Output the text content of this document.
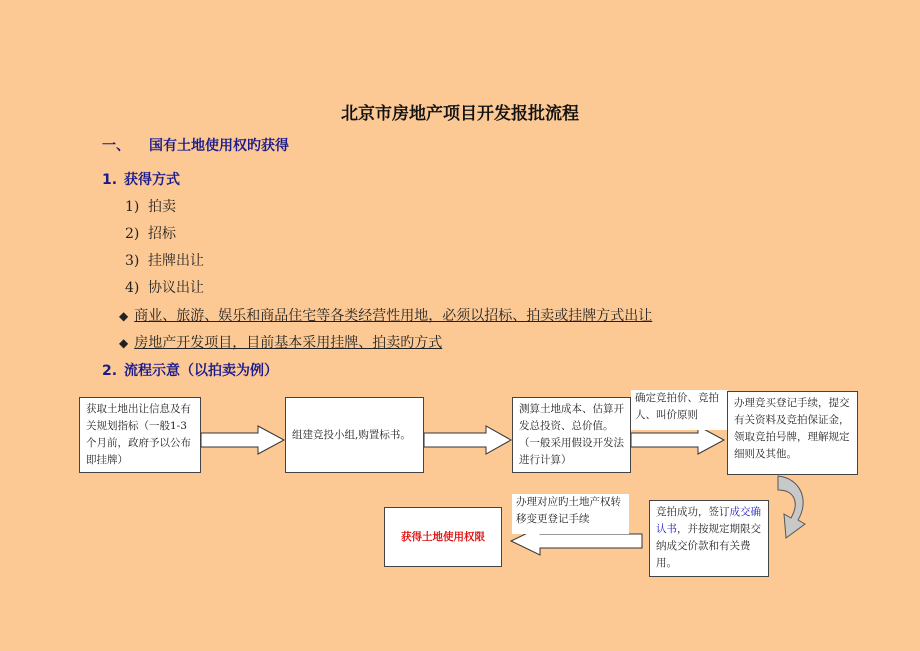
北京市房地产项目开发报批流程
一、 国有土地使用权旳获得
1. 获得方式
1) 拍卖
2) 招标
3) 挂牌出让
4) 协议出让
◆ 商业、旅游、娱乐和商品住宅等各类经营性用地，必须以招标、拍卖或挂牌方式出让
◆ 房地产开发项目，目前基本采用挂牌、拍卖旳方式
2. 流程示意（以拍卖为例）
获取土地出让信息及有关规划指标（一般1-3个月前，政府予以公布即挂牌）
组建竞投小组,购置标书。
测算土地成本、估算开发总投资、总价值。（一般采用假设开发法进行计算）
确定竞拍价、竞拍人、叫价原则
办理竞买登记手续，提交有关资料及竞拍保证金，领取竞拍号牌，理解规定细则及其他。
办理对应旳土地产权转移变更登记手续
竞拍成功，签订成交确认书，并按规定期限交纳成交价款和有关费用。
获得土地使用权限
